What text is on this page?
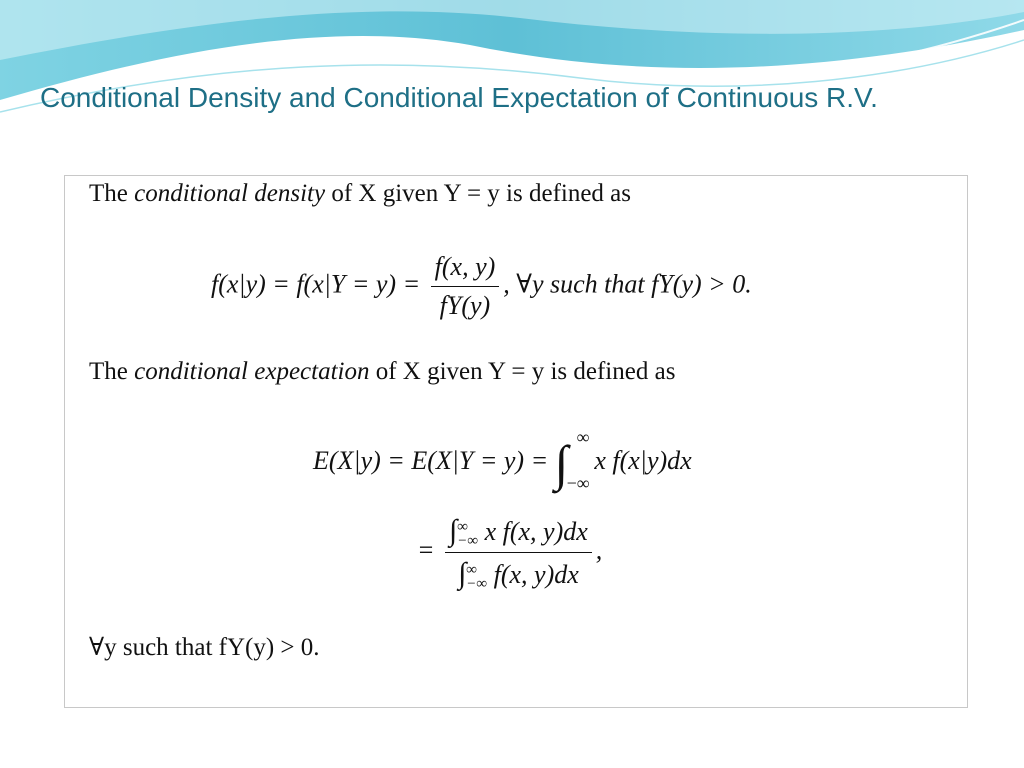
Conditional Density and Conditional Expectation of Continuous R.V.
The conditional density of X given Y = y is defined as
$f(x|y) = f(x|Y = y) = \frac{f(x, y)}{fY(y)}$ , ∀y such that fY(y) > 0.
The conditional expectation of X given Y = y is defined as
E(X|y) = E(X|Y = y) = ∫ ∞
−∞
x f(x|y)dx
= ∫ ∞
−∞ x f(x, y)dx
∫ ∞
−∞ f(x, y)dx ,
∀y such that fY(y) > 0.
